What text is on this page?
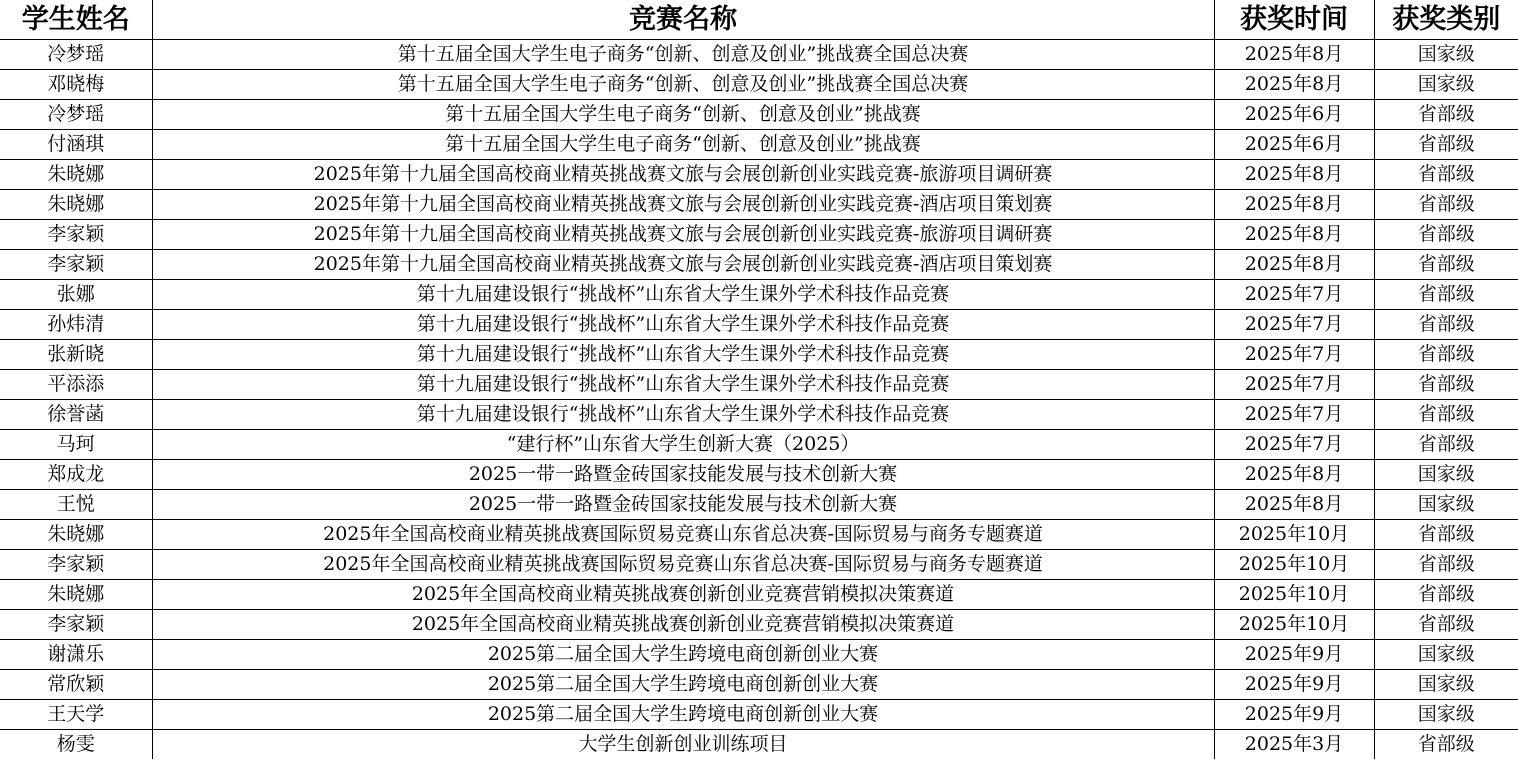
学生姓名	竞赛名称	获奖时间	获奖类别
冷梦瑶	第十五届全国大学生电子商务“创新、创意及创业”挑战赛全国总决赛	2025年8月	国家级
邓晓梅	第十五届全国大学生电子商务“创新、创意及创业”挑战赛全国总决赛	2025年8月	国家级
冷梦瑶	第十五届全国大学生电子商务“创新、创意及创业”挑战赛	2025年6月	省部级
付涵琪	第十五届全国大学生电子商务“创新、创意及创业”挑战赛	2025年6月	省部级
朱晓娜	2025年第十九届全国高校商业精英挑战赛文旅与会展创新创业实践竞赛-旅游项目调研赛	2025年8月	省部级
朱晓娜	2025年第十九届全国高校商业精英挑战赛文旅与会展创新创业实践竞赛-酒店项目策划赛	2025年8月	省部级
李家颖	2025年第十九届全国高校商业精英挑战赛文旅与会展创新创业实践竞赛-旅游项目调研赛	2025年8月	省部级
李家颖	2025年第十九届全国高校商业精英挑战赛文旅与会展创新创业实践竞赛-酒店项目策划赛	2025年8月	省部级
张娜	第十九届建设银行“挑战杯”山东省大学生课外学术科技作品竞赛	2025年7月	省部级
孙炜清	第十九届建设银行“挑战杯”山东省大学生课外学术科技作品竞赛	2025年7月	省部级
张新晓	第十九届建设银行“挑战杯”山东省大学生课外学术科技作品竞赛	2025年7月	省部级
平添添	第十九届建设银行“挑战杯”山东省大学生课外学术科技作品竞赛	2025年7月	省部级
徐誉菡	第十九届建设银行“挑战杯”山东省大学生课外学术科技作品竞赛	2025年7月	省部级
马珂	“建行杯”山东省大学生创新大赛（2025）	2025年7月	省部级
郑成龙	2025一带一路暨金砖国家技能发展与技术创新大赛	2025年8月	国家级
王悦	2025一带一路暨金砖国家技能发展与技术创新大赛	2025年8月	国家级
朱晓娜	2025年全国高校商业精英挑战赛国际贸易竞赛山东省总决赛-国际贸易与商务专题赛道	2025年10月	省部级
李家颖	2025年全国高校商业精英挑战赛国际贸易竞赛山东省总决赛-国际贸易与商务专题赛道	2025年10月	省部级
朱晓娜	2025年全国高校商业精英挑战赛创新创业竞赛营销模拟决策赛道	2025年10月	省部级
李家颖	2025年全国高校商业精英挑战赛创新创业竞赛营销模拟决策赛道	2025年10月	省部级
谢潇乐	2025第二届全国大学生跨境电商创新创业大赛	2025年9月	国家级
常欣颖	2025第二届全国大学生跨境电商创新创业大赛	2025年9月	国家级
王天学	2025第二届全国大学生跨境电商创新创业大赛	2025年9月	国家级
杨雯	大学生创新创业训练项目	2025年3月	省部级
